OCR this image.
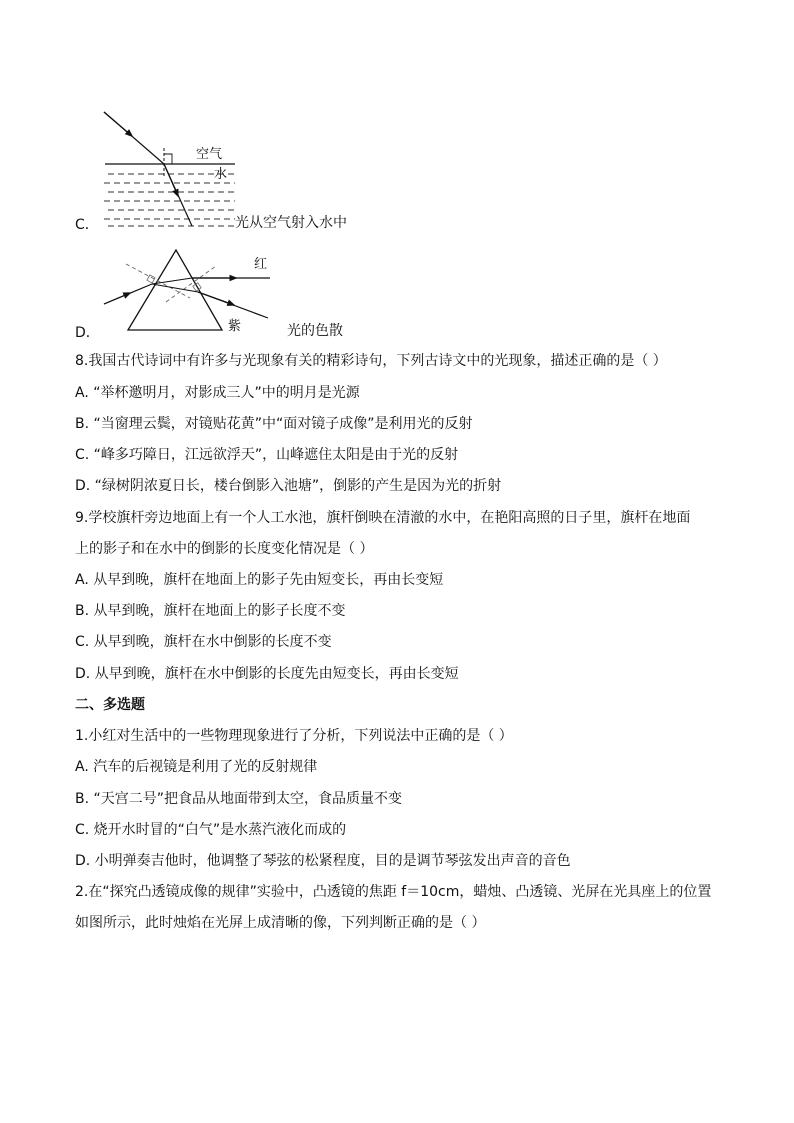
C．
空气
水
光从空气射入水中
D．
红
紫	光的色散
8.我国古代诗词中有许多与光现象有关的精彩诗句，下列古诗文中的光现象，描述正确的是（ ）
A. “举杯邀明月，对影成三人”中的明月是光源
B. “当窗理云鬓，对镜贴花黄”中“面对镜子成像”是利用光的反射
C. “峰多巧障日，江远欲浮天”，山峰遮住太阳是由于光的反射
D. “绿树阴浓夏日长，楼台倒影入池塘”，倒影的产生是因为光的折射
9.学校旗杆旁边地面上有一个人工水池，旗杆倒映在清澈的水中，在艳阳高照的日子里，旗杆在地面
上的影子和在水中的倒影的长度变化情况是（ ）
A. 从早到晚，旗杆在地面上的影子先由短变长，再由长变短
B. 从早到晚，旗杆在地面上的影子长度不变
C. 从早到晚，旗杆在水中倒影的长度不变
D. 从早到晚，旗杆在水中倒影的长度先由短变长，再由长变短
二、多选题
1.小红对生活中的一些物理现象进行了分析，下列说法中正确的是（ ）
A. 汽车的后视镜是利用了光的反射规律
B. “天宫二号”把食品从地面带到太空，食品质量不变
C. 烧开水时冒的“白气”是水蒸汽液化而成的
D. 小明弹奏吉他时，他调整了琴弦的松紧程度，目的是调节琴弦发出声音的音色
2.在“探究凸透镜成像的规律”实验中，凸透镜的焦距 f＝10cm，蜡烛、凸透镜、光屏在光具座上的位置
如图所示，此时烛焰在光屏上成清晰的像，下列判断正确的是（ ）
